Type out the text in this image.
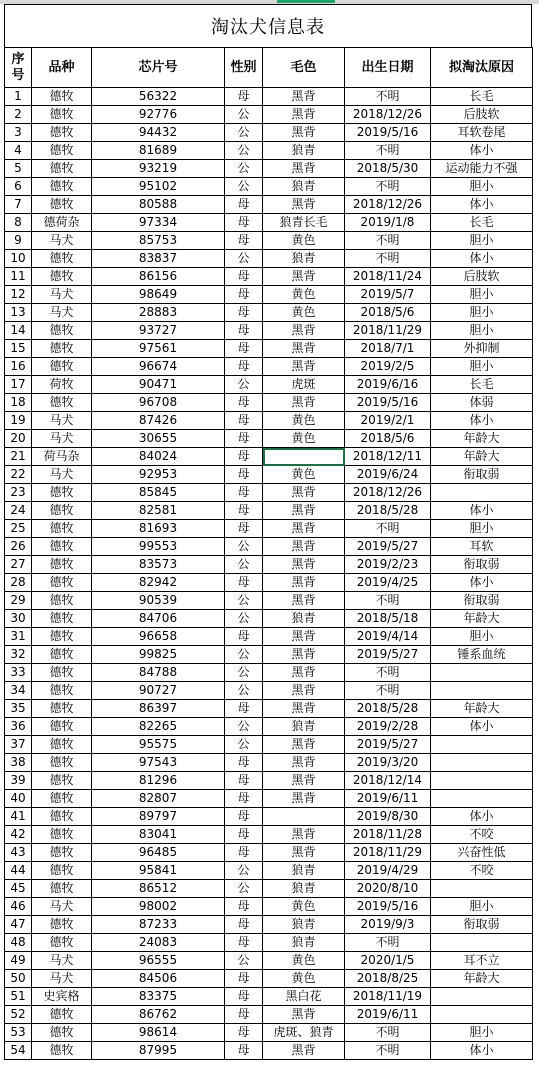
淘汰犬信息表
序
号	品种	芯片号	性别	毛色	出生日期	拟淘汰原因
1	德牧	56322	母	黑背	不明	长毛
2	德牧	92776	公	黑背	2018/12/26	后肢软
3	德牧	94432	公	黑背	2019/5/16	耳软卷尾
4	德牧	81689	公	狼青	不明	体小
5	德牧	93219	公	黑背	2018/5/30	运动能力不强
6	德牧	95102	公	狼青	不明	胆小
7	德牧	80588	母	黑背	2018/12/26	体小
8	德荷杂	97334	母	狼青长毛	2019/1/8	长毛
9	马犬	85753	母	黄色	不明	胆小
10	德牧	83837	公	狼青	不明	体小
11	德牧	86156	母	黑背	2018/11/24	后肢软
12	马犬	98649	母	黄色	2019/5/7	胆小
13	马犬	28883	母	黄色	2018/5/6	胆小
14	德牧	93727	母	黑背	2018/11/29	胆小
15	德牧	97561	母	黑背	2018/7/1	外抑制
16	德牧	96674	母	黑背	2019/2/5	胆小
17	荷牧	90471	公	虎斑	2019/6/16	长毛
18	德牧	96708	母	黑背	2019/5/16	体弱
19	马犬	87426	母	黄色	2019/2/1	体小
20	马犬	30655	母	黄色	2018/5/6	年龄大
21	荷马杂	84024	母		2018/12/11	年龄大
22	马犬	92953	母	黄色	2019/6/24	衔取弱
23	德牧	85845	母	黑背	2018/12/26	
24	德牧	82581	母	黑背	2018/5/28	体小
25	德牧	81693	母	黑背	不明	胆小
26	德牧	99553	公	黑背	2019/5/27	耳软
27	德牧	83573	公	黑背	2019/2/23	衔取弱
28	德牧	82942	母	黑背	2019/4/25	体小
29	德牧	90539	公	黑背	不明	衔取弱
30	德牧	84706	公	狼青	2018/5/18	年龄大
31	德牧	96658	母	黑背	2019/4/14	胆小
32	德牧	99825	公	黑背	2019/5/27	锤系血统
33	德牧	84788	公	黑背	不明	
34	德牧	90727	公	黑背	不明	
35	德牧	86397	母	黑背	2018/5/28	年龄大
36	德牧	82265	公	狼青	2019/2/28	体小
37	德牧	95575	公	黑背	2019/5/27	
38	德牧	97543	母	黑背	2019/3/20	
39	德牧	81296	母	黑背	2018/12/14	
40	德牧	82807	母	黑背	2019/6/11	
41	德牧	89797	母		2019/8/30	体小
42	德牧	83041	母	黑背	2018/11/28	不咬
43	德牧	96485	母	黑背	2018/11/29	兴奋性低
44	德牧	95841	公	狼青	2019/4/29	不咬
45	德牧	86512	公	狼青	2020/8/10	
46	马犬	98002	母	黄色	2019/5/16	胆小
47	德牧	87233	母	狼青	2019/9/3	衔取弱
48	德牧	24083	母	狼青	不明	
49	马犬	96555	公	黄色	2020/1/5	耳不立
50	马犬	84506	母	黄色	2018/8/25	年龄大
51	史宾格	83375	母	黑白花	2018/11/19	
52	德牧	86762	母	黑背	2019/6/11	
53	德牧	98614	母	虎斑、狼青	不明	胆小
54	德牧	87995	母	黑背	不明	体小
